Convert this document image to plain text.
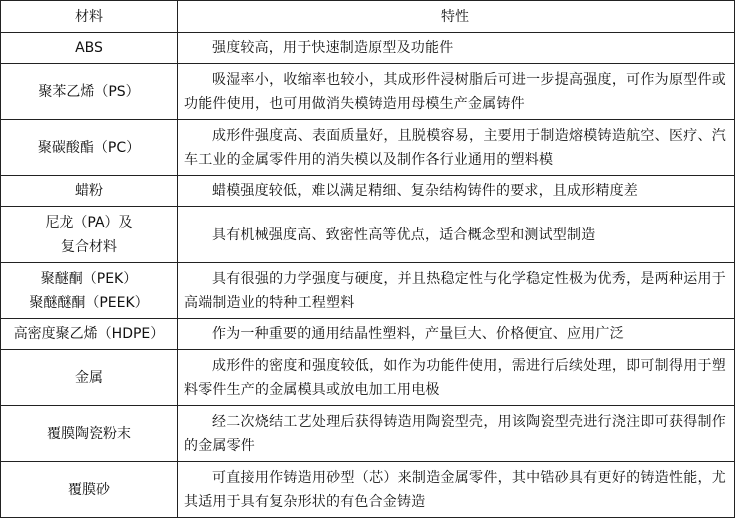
材料	特性

ABS	强度较高，用于快速制造原型及功能件

聚苯乙烯（PS）	吸湿率小，收缩率也较小，其成形件浸树脂后可进一步提高强度，可作为原型件或功能件使用，也可用做消失模铸造用母模生产金属铸件

聚碳酸酯（PC）	成形件强度高、表面质量好，且脱模容易，主要用于制造熔模铸造航空、医疗、汽车工业的金属零件用的消失模以及制作各行业通用的塑料模

蜡粉	蜡模强度较低，难以满足精细、复杂结构铸件的要求，且成形精度差

尼龙（PA）及
复合材料	具有机械强度高、致密性高等优点，适合概念型和测试型制造

聚醚酮（PEK）
聚醚醚酮（PEEK）	具有很强的力学强度与硬度，并且热稳定性与化学稳定性极为优秀，是两种运用于高端制造业的特种工程塑料

高密度聚乙烯（HDPE）	作为一种重要的通用结晶性塑料，产量巨大、价格便宜、应用广泛

金属	成形件的密度和强度较低，如作为功能件使用，需进行后续处理，即可制得用于塑料零件生产的金属模具或放电加工用电极

覆膜陶瓷粉末	经二次烧结工艺处理后获得铸造用陶瓷型壳，用该陶瓷型壳进行浇注即可获得制作的金属零件

覆膜砂	可直接用作铸造用砂型（芯）来制造金属零件，其中锆砂具有更好的铸造性能，尤其适用于具有复杂形状的有色合金铸造
